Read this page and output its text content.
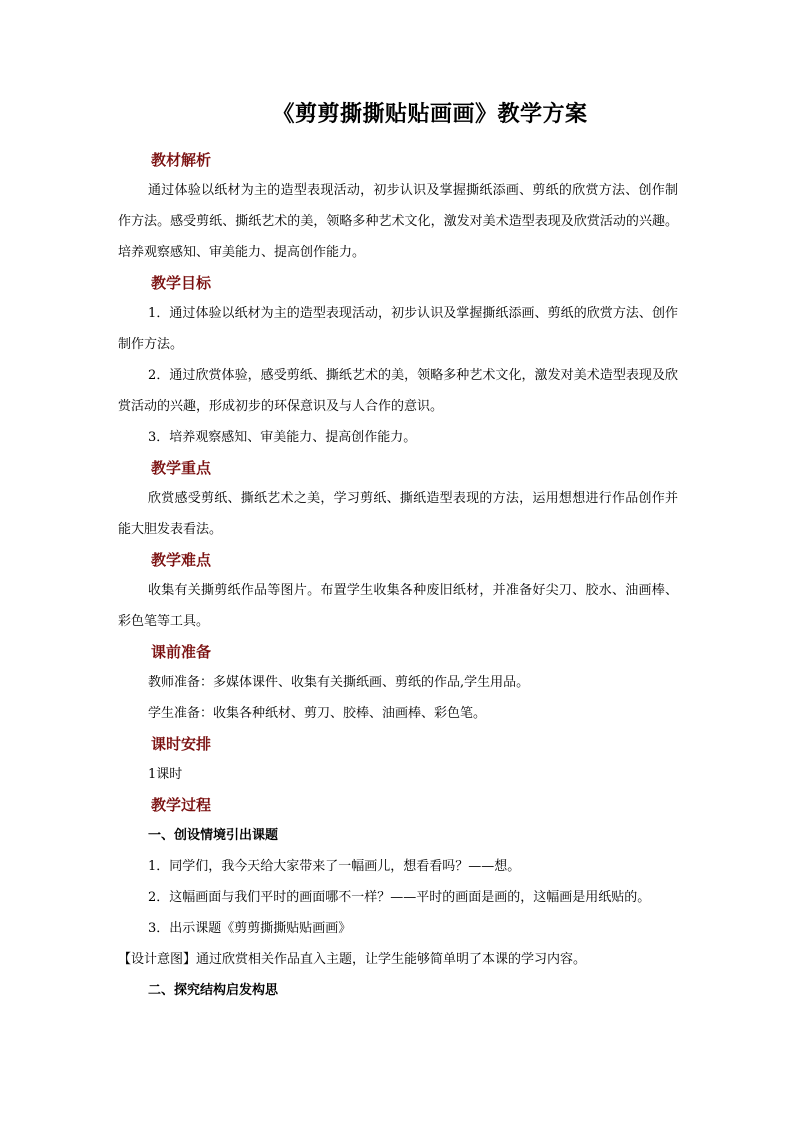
《剪剪撕撕贴贴画画》教学方案

教材解析

通过体验以纸材为主的造型表现活动，初步认识及掌握撕纸添画、剪纸的欣赏方法、创作制作方法。感受剪纸、撕纸艺术的美，领略多种艺术文化，激发对美术造型表现及欣赏活动的兴趣。培养观察感知、审美能力、提高创作能力。

教学目标

1．通过体验以纸材为主的造型表现活动，初步认识及掌握撕纸添画、剪纸的欣赏方法、创作制作方法。

2．通过欣赏体验，感受剪纸、撕纸艺术的美，领略多种艺术文化，激发对美术造型表现及欣赏活动的兴趣，形成初步的环保意识及与人合作的意识。

3．培养观察感知、审美能力、提高创作能力。

教学重点

欣赏感受剪纸、撕纸艺术之美，学习剪纸、撕纸造型表现的方法，运用想想进行作品创作并能大胆发表看法。

教学难点

收集有关撕剪纸作品等图片。布置学生收集各种废旧纸材，并准备好尖刀、胶水、油画棒、彩色笔等工具。

课前准备

教师准备：多媒体课件、收集有关撕纸画、剪纸的作品,学生用品。

学生准备：收集各种纸材、剪刀、胶棒、油画棒、彩色笔。

课时安排

1课时

教学过程

一、创设情境引出课题

1．同学们，我今天给大家带来了一幅画儿，想看看吗？——想。

2．这幅画面与我们平时的画面哪不一样？——平时的画面是画的，这幅画是用纸贴的。

3．出示课题《剪剪撕撕贴贴画画》

【设计意图】通过欣赏相关作品直入主题，让学生能够简单明了本课的学习内容。

二、探究结构启发构思
